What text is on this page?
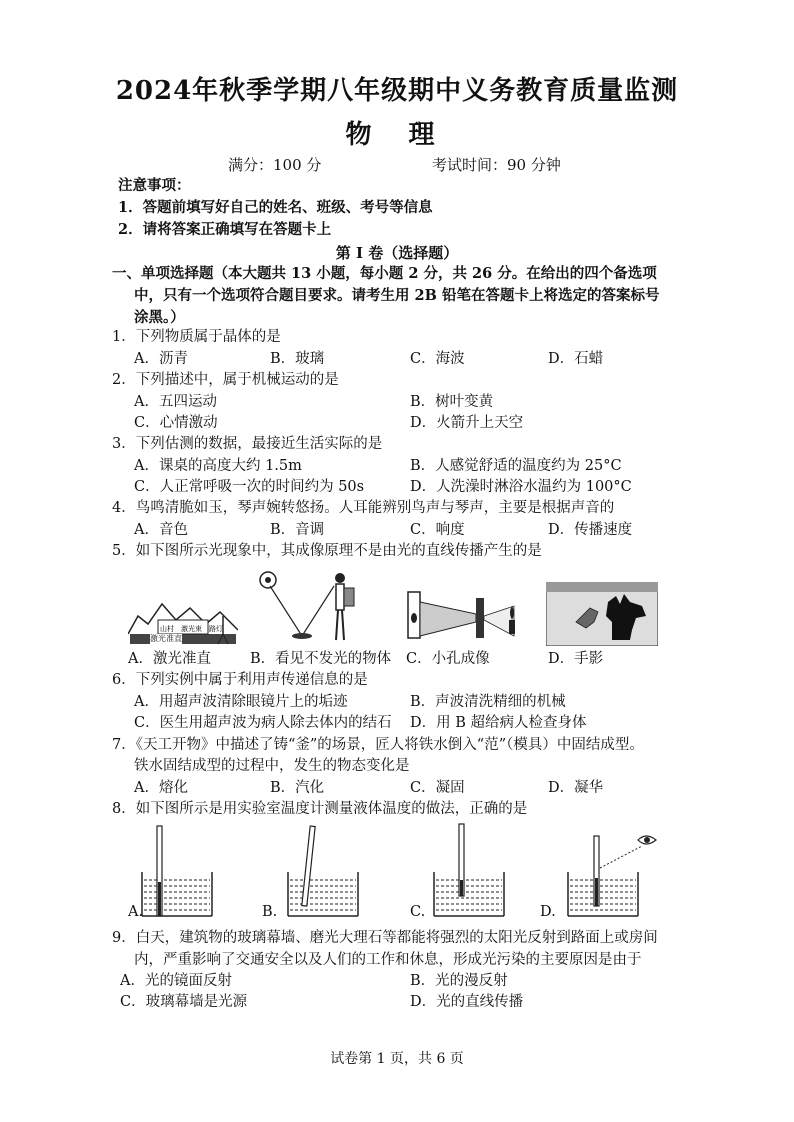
2024年秋季学期八年级期中义务教育质量监测
物 理
满分：100 分	考试时间：90 分钟
注意事项：
1．答题前填写好自己的姓名、班级、考号等信息
2．请将答案正确填写在答题卡上
第 I 卷（选择题）
一、单项选择题（本大题共 13 小题，每小题 2 分，共 26 分。在给出的四个备选项
中，只有一个选项符合题目要求。请考生用 2B 铅笔在答题卡上将选定的答案标号
涂黑。）
1．下列物质属于晶体的是
A．沥青	B．玻璃	C．海波	D．石蜡
2．下列描述中，属于机械运动的是
A．五四运动	B．树叶变黄
C．心情激动	D．火箭升上天空
3．下列估测的数据，最接近生活实际的是
A．课桌的高度大约 1.5m	B．人感觉舒适的温度约为 25°C
C．人正常呼吸一次的时间约为 50s	D．人洗澡时淋浴水温约为 100°C
4．鸟鸣清脆如玉，琴声婉转悠扬。人耳能辨别鸟声与琴声，主要是根据声音的
A．音色	B．音调	C．响度	D．传播速度
5．如下图所示光现象中，其成像原理不是由光的直线传播产生的是
山村　激光束　路灯
激光准直
A．激光准直	B．看见不发光的物体 C．小孔成像	D．手影
6．下列实例中属于利用声传递信息的是
A．用超声波清除眼镜片上的垢迹	B．声波清洗精细的机械
C．医生用超声波为病人除去体内的结石 D．用 B 超给病人检查身体
7．《天工开物》中描述了铸“釜”的场景，匠人将铁水倒入“范”（模具）中固结成型。
铁水固结成型的过程中，发生的物态变化是
A．熔化	B．汽化	C．凝固	D．凝华
8．如下图所示是用实验室温度计测量液体温度的做法，正确的是
A.	B.	C.	D.
9．白天，建筑物的玻璃幕墙、磨光大理石等都能将强烈的太阳光反射到路面上或房间
内，严重影响了交通安全以及人们的工作和休息，形成光污染的主要原因是由于
A．光的镜面反射	B．光的漫反射
C．玻璃幕墙是光源	D．光的直线传播
试卷第 1 页，共 6 页
